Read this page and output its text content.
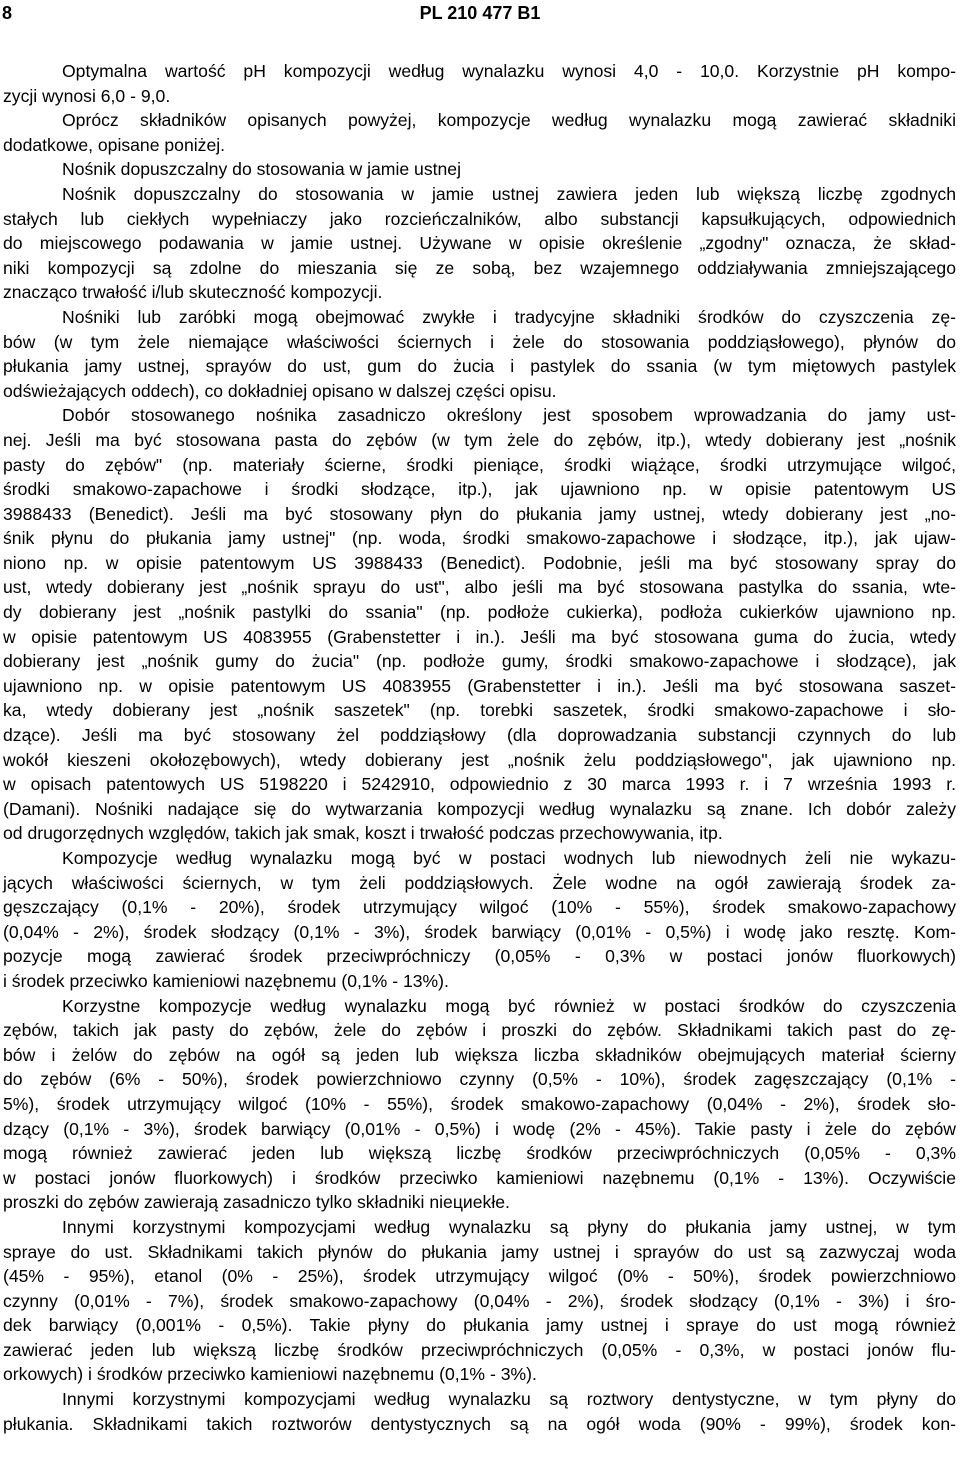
8	PL 210 477 B1
Optymalna wartość pH kompozycji według wynalazku wynosi 4,0 - 10,0. Korzystnie pH kompo-
zycji wynosi 6,0 - 9,0.
Oprócz składników opisanych powyżej, kompozycje według wynalazku mogą zawierać składniki
dodatkowe, opisane poniżej.
Nośnik dopuszczalny do stosowania w jamie ustnej
Nośnik dopuszczalny do stosowania w jamie ustnej zawiera jeden lub większą liczbę zgodnych
stałych lub ciekłych wypełniaczy jako rozcieńczalników, albo substancji kapsułkujących, odpowiednich
do miejscowego podawania w jamie ustnej. Używane w opisie określenie „zgodny" oznacza, że skład-
niki kompozycji są zdolne do mieszania się ze sobą, bez wzajemnego oddziaływania zmniejszającego
znacząco trwałość i/lub skuteczność kompozycji.
Nośniki lub zaróbki mogą obejmować zwykłe i tradycyjne składniki środków do czyszczenia zę-
bów (w tym żele niemające właściwości ściernych i żele do stosowania poddziąsłowego), płynów do
płukania jamy ustnej, sprayów do ust, gum do żucia i pastylek do ssania (w tym miętowych pastylek
odświeżających oddech), co dokładniej opisano w dalszej części opisu.
Dobór stosowanego nośnika zasadniczo określony jest sposobem wprowadzania do jamy ust-
nej. Jeśli ma być stosowana pasta do zębów (w tym żele do zębów, itp.), wtedy dobierany jest „nośnik
pasty do zębów" (np. materiały ścierne, środki pieniące, środki wiążące, środki utrzymujące wilgoć,
środki smakowo-zapachowe i środki słodzące, itp.), jak ujawniono np. w opisie patentowym US
3988433 (Benedict). Jeśli ma być stosowany płyn do płukania jamy ustnej, wtedy dobierany jest „no-
śnik płynu do płukania jamy ustnej" (np. woda, środki smakowo-zapachowe i słodzące, itp.), jak ujaw-
niono np. w opisie patentowym US 3988433 (Benedict). Podobnie, jeśli ma być stosowany spray do
ust, wtedy dobierany jest „nośnik sprayu do ust", albo jeśli ma być stosowana pastylka do ssania, wte-
dy dobierany jest „nośnik pastylki do ssania" (np. podłoże cukierka), podłoża cukierków ujawniono np.
w opisie patentowym US 4083955 (Grabenstetter i in.). Jeśli ma być stosowana guma do żucia, wtedy
dobierany jest „nośnik gumy do żucia" (np. podłoże gumy, środki smakowo-zapachowe i słodzące), jak
ujawniono np. w opisie patentowym US 4083955 (Grabenstetter i in.). Jeśli ma być stosowana saszet-
ka, wtedy dobierany jest „nośnik saszetek" (np. torebki saszetek, środki smakowo-zapachowe i sło-
dzące). Jeśli ma być stosowany żel poddziąsłowy (dla doprowadzania substancji czynnych do lub
wokół kieszeni okołozębowych), wtedy dobierany jest „nośnik żelu poddziąsłowego", jak ujawniono np.
w opisach patentowych US 5198220 i 5242910, odpowiednio z 30 marca 1993 r. i 7 września 1993 r.
(Damani). Nośniki nadające się do wytwarzania kompozycji według wynalazku są znane. Ich dobór zależy
od drugorzędnych względów, takich jak smak, koszt i trwałość podczas przechowywania, itp.
Kompozycje według wynalazku mogą być w postaci wodnych lub niewodnych żeli nie wykazu-
jących właściwości ściernych, w tym żeli poddziąsłowych. Żele wodne na ogół zawierają środek za-
gęszczający (0,1% - 20%), środek utrzymujący wilgoć (10% - 55%), środek smakowo-zapachowy
(0,04% - 2%), środek słodzący (0,1% - 3%), środek barwiący (0,01% - 0,5%) i wodę jako resztę. Kom-
pozycje mogą zawierać środek przeciwpróchniczy (0,05% - 0,3% w postaci jonów fluorkowych)
i środek przeciwko kamieniowi nazębnemu (0,1% - 13%).
Korzystne kompozycje według wynalazku mogą być również w postaci środków do czyszczenia
zębów, takich jak pasty do zębów, żele do zębów i proszki do zębów. Składnikami takich past do zę-
bów i żelów do zębów na ogół są jeden lub większa liczba składników obejmujących materiał ścierny
do zębów (6% - 50%), środek powierzchniowo czynny (0,5% - 10%), środek zagęszczający (0,1% -
5%), środek utrzymujący wilgoć (10% - 55%), środek smakowo-zapachowy (0,04% - 2%), środek sło-
dzący (0,1% - 3%), środek barwiący (0,01% - 0,5%) i wodę (2% - 45%). Takie pasty i żele do zębów
mogą również zawierać jeden lub większą liczbę środków przeciwpróchniczych (0,05% - 0,3%
w postaci jonów fluorkowych) i środków przeciwko kamieniowi nazębnemu (0,1% - 13%). Oczywiście
proszki do zębów zawierają zasadniczo tylko składniki niециekłe.
Innymi korzystnymi kompozycjami według wynalazku są płyny do płukania jamy ustnej, w tym
spraye do ust. Składnikami takich płynów do płukania jamy ustnej i sprayów do ust są zazwyczaj woda
(45% - 95%), etanol (0% - 25%), środek utrzymujący wilgoć (0% - 50%), środek powierzchniowo
czynny (0,01% - 7%), środek smakowo-zapachowy (0,04% - 2%), środek słodzący (0,1% - 3%) i śro-
dek barwiący (0,001% - 0,5%). Takie płyny do płukania jamy ustnej i spraye do ust mogą również
zawierać jeden lub większą liczbę środków przeciwpróchniczych (0,05% - 0,3%, w postaci jonów flu-
orkowych) i środków przeciwko kamieniowi nazębnemu (0,1% - 3%).
Innymi korzystnymi kompozycjami według wynalazku są roztwory dentystyczne, w tym płyny do
płukania. Składnikami takich roztworów dentystycznych są na ogół woda (90% - 99%), środek kon-
